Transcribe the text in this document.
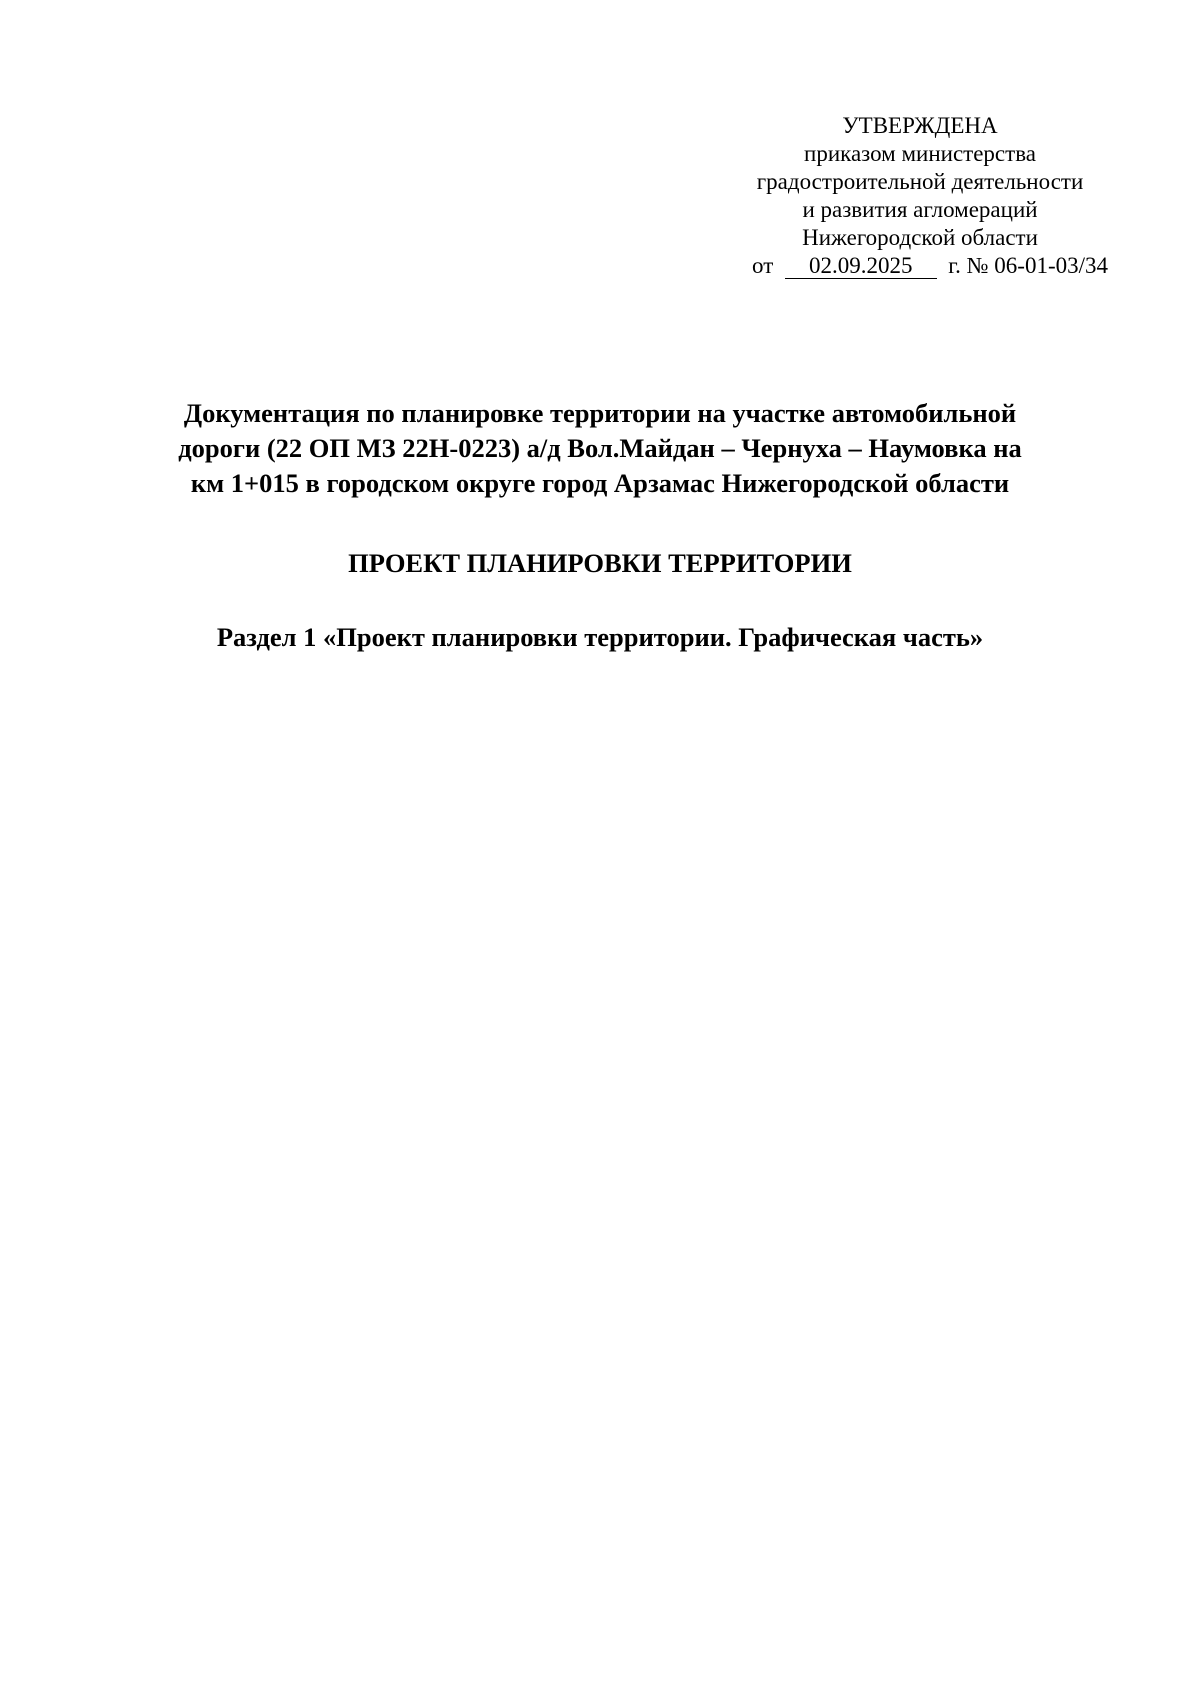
УТВЕРЖДЕНА
приказом министерства
градостроительной деятельности
и развития агломераций
Нижегородской области
от 02.09.2025 г. № 06-01-03/34
Документация по планировке территории на участке автомобильной
дороги (22 ОП МЗ 22Н-0223) а/д Вол.Майдан – Чернуха – Наумовка на
км 1+015 в городском округе город Арзамас Нижегородской области
ПРОЕКТ ПЛАНИРОВКИ ТЕРРИТОРИИ
Раздел 1 «Проект планировки территории. Графическая часть»
